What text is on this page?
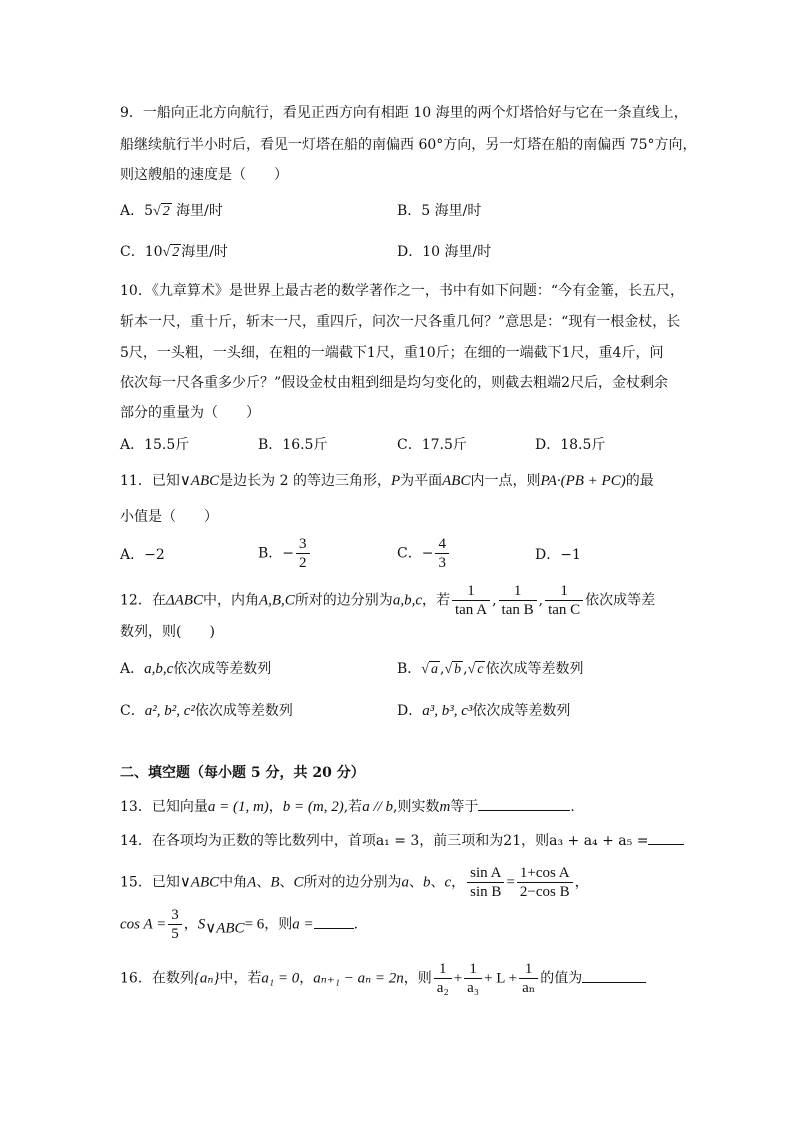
9．一船向正北方向航行，看见正西方向有相距 10 海里的两个灯塔恰好与它在一条直线上，
船继续航行半小时后，看见一灯塔在船的南偏西 60°方向，另一灯塔在船的南偏西 75°方向，
则这艘船的速度是（　　）
A．5√ 2 海里/时	B．5 海里/时
C．10√ 2 海里/时	D．10 海里/时
10．《九章算术》是世界上最古老的数学著作之一，书中有如下问题：“今有金箠，长五尺，
斩本一尺，重十斤，斩末一尺，重四斤，问次一尺各重几何？”意思是：“现有一根金杖，长
5尺，一头粗，一头细，在粗的一端截下1尺，重10斤；在细的一端截下1尺，重4斤，问
依次每一尺各重多少斤？”假设金杖由粗到细是均匀变化的，则截去粗端2尺后，金杖剩余
部分的重量为（　　）
A．15.5斤	B．16.5斤	C．17.5斤	D．18.5斤
11．已知∨ABC是边长为 2 的等边三角形，P为平面ABC内一点，则PA·(PB + PC)的最
小值是（　　）
A．−2	B．− $\frac{3}{2}$	C．− $\frac{4}{3}$	D．−1
12．在ΔABC中，内角A,B,C所对的边分别为a,b,c，若 $\frac{1}{\text{tan A}}$ , $\frac{1}{\text{tan B}}$ , $\frac{1}{\text{tan C}}$ 依次成等差
数列，则(　　)
A．a,b,c依次成等差数列	B．√ a ,√ b ,√ c 依次成等差数列
C．a², b², c²依次成等差数列	D．a³, b³, c³依次成等差数列
二、填空题（每小题 5 分，共 20 分）
13．已知向量a = (1, m)，b = (m, 2),若a // b,则实数m等于	.
14．在各项均为正数的等比数列中，首项a₁ = 3，前三项和为21，则a₃ + a₄ + a₅ =
15．已知∨ABC中角A、B、C所对的边分别为a、b、c， $\frac{\text{sin A}}{\text{sin B}} = \frac{\text{1+cos A}}{\text{2−cos B}}$ ，
$\cos A = \frac{3}{5}$ ，$S_{\vee ABC}= 6$，则a =	.
16．在数列{aₙ}中，若a₁ = 0，aₙ₊₁ − aₙ = 2n，则 $\frac{1}{\text{a₂}} + \frac{1}{\text{a₃}} + L + \frac{1}{\text{aₙ}}$ 的值为
